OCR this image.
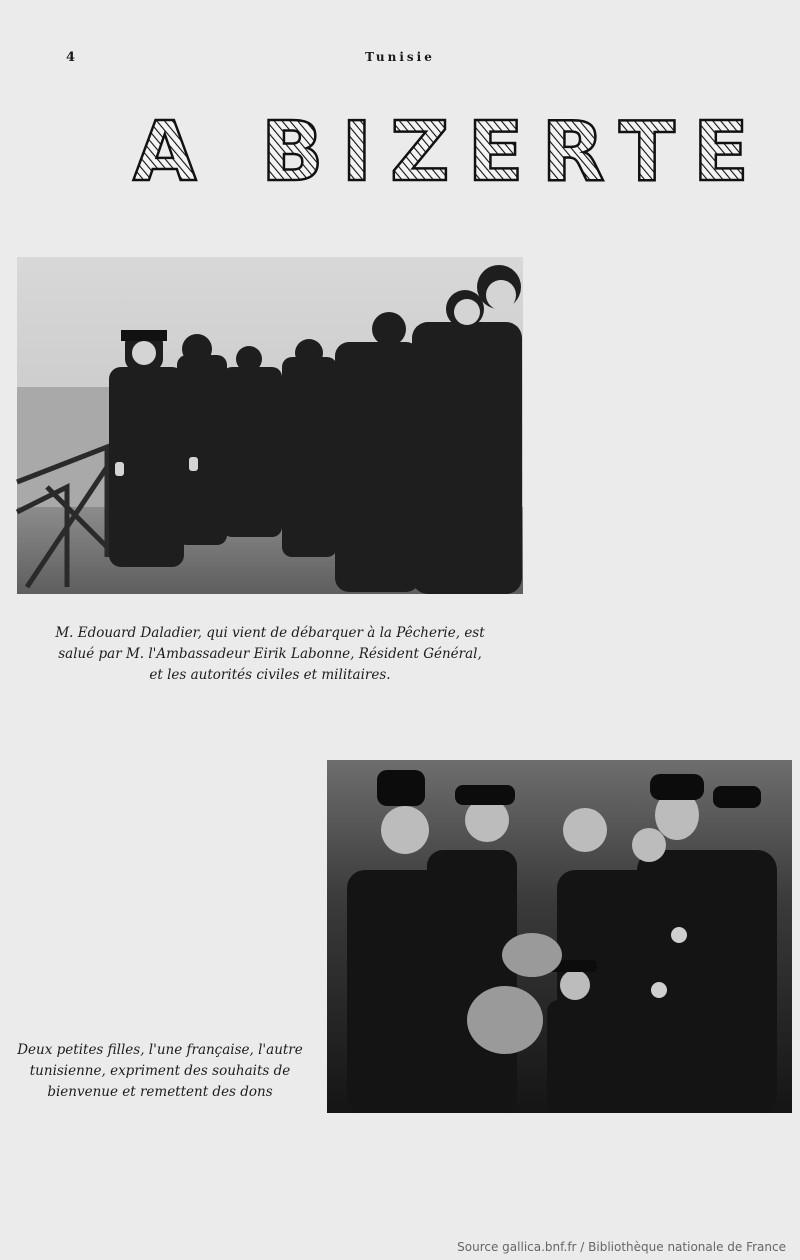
4	Tunisie
A BIZERTE
M. Edouard Daladier, qui vient de débarquer à la Pêcherie, est
salué par M. l'Ambassadeur Eirik Labonne, Résident Général,
et les autorités civiles et militaires.
Deux petites filles, l'une française, l'autre
tunisienne, expriment des souhaits de
bienvenue et remettent des dons
Source gallica.bnf.fr / Bibliothèque nationale de France
